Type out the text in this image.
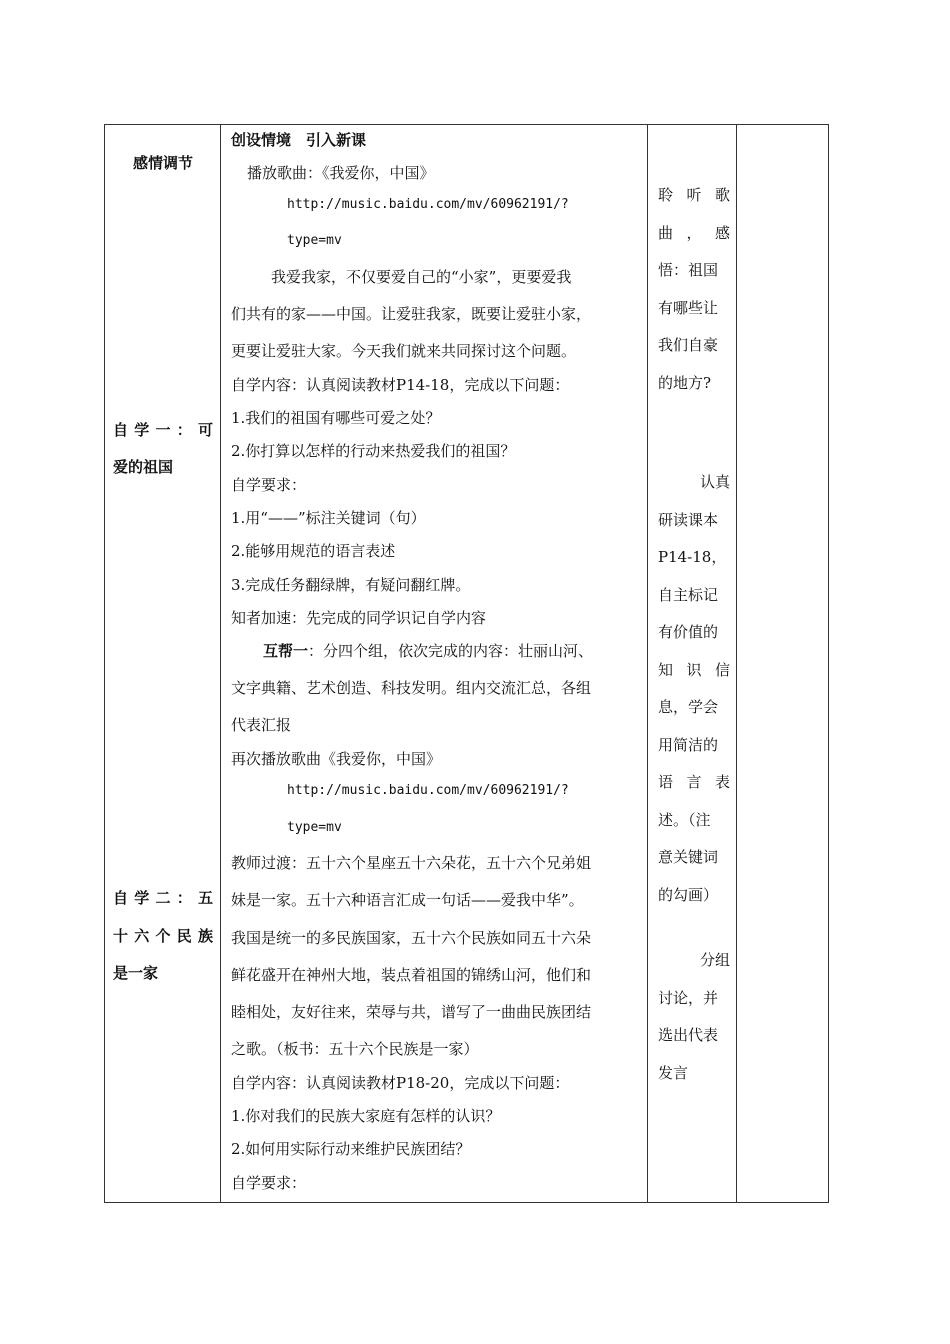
感情调节
自学一：可
爱的祖国
自学二：五
十六个民族
是一家
创设情境　引入新课
播放歌曲：《我爱你，中国》
http://music.baidu.com/mv/60962191/?
type=mv
我爱我家，不仅要爱自己的“小家”，更要爱我
们共有的家——中国。让爱驻我家，既要让爱驻小家，
更要让爱驻大家。今天我们就来共同探讨这个问题。
自学内容：认真阅读教材P14-18，完成以下问题：
1.我们的祖国有哪些可爱之处？
2.你打算以怎样的行动来热爱我们的祖国？
自学要求：
1.用“——”标注关键词（句）
2.能够用规范的语言表述
3.完成任务翻绿牌，有疑问翻红牌。
知者加速：先完成的同学识记自学内容
互帮一：分四个组，依次完成的内容：壮丽山河、
文字典籍、艺术创造、科技发明。组内交流汇总，各组
代表汇报
再次播放歌曲《我爱你，中国》
http://music.baidu.com/mv/60962191/?
type=mv
教师过渡：五十六个星座五十六朵花，五十六个兄弟姐
妹是一家。五十六种语言汇成一句话——爱我中华”。
我国是统一的多民族国家，五十六个民族如同五十六朵
鲜花盛开在神州大地，装点着祖国的锦绣山河，他们和
睦相处，友好往来，荣辱与共，谱写了一曲曲民族团结
之歌。（板书：五十六个民族是一家）
自学内容：认真阅读教材P18-20，完成以下问题：
1.你对我们的民族大家庭有怎样的认识？
2.如何用实际行动来维护民族团结？
自学要求：
聆听歌
曲，感
悟：祖国
有哪些让
我们自豪
的地方?
认真
研读课本
P14-18，
自主标记
有价值的
知识信
息，学会
用简洁的
语言表
述。（注
意关键词
的勾画）
分组
讨论，并
选出代表
发言
